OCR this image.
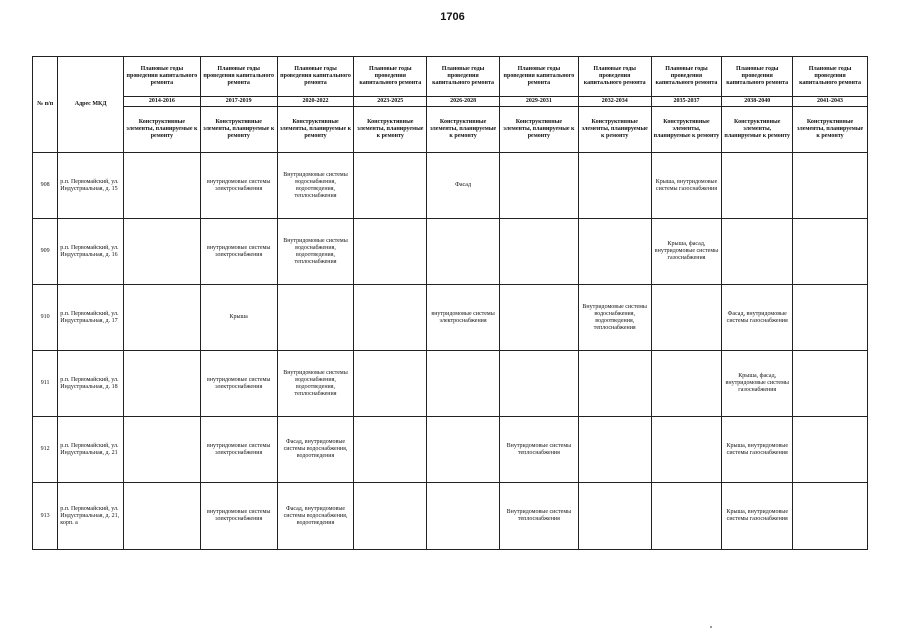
1706
№ п/п	Адрес МКД	Плановые годы проведения капитального ремонта	Плановые годы проведения капитального ремонта	Плановые годы проведения капитального ремонта	Плановые годы проведения капитального ремонта	Плановые годы проведения капитального ремонта	Плановые годы проведения капитального ремонта	Плановые годы проведения капитального ремонта	Плановые годы проведения капитального ремонта	Плановые годы проведения капитального ремонта	Плановые годы проведения капитального ремонта
		2014-2016	2017-2019	2020-2022	2023-2025	2026-2028	2029-2031	2032-2034	2035-2037	2038-2040	2041-2043
		Конструктивные элементы, планируемые к ремонту	Конструктивные элементы, планируемые к ремонту	Конструктивные элементы, планируемые к ремонту	Конструктивные элементы, планируемые к ремонту	Конструктивные элементы, планируемые к ремонту	Конструктивные элементы, планируемые к ремонту	Конструктивные элементы, планируемые к ремонту	Конструктивные элементы, планируемые к ремонту	Конструктивные элементы, планируемые к ремонту	Конструктивные элементы, планируемые к ремонту
908	р.п. Первомайский, ул. Индустриальная, д. 15		внутридомовые системы электроснабжения	Внутридомовые системы водоснабжения, водоотведения, теплоснабжения		Фасад			Крыша, внутридомовые системы газоснабжения		
909	р.п. Первомайский, ул. Индустриальная, д. 16		внутридомовые системы электроснабжения	Внутридомовые системы водоснабжения, водоотведения, теплоснабжения					Крыша, фасад, внутридомовые системы газоснабжения		
910	р.п. Первомайский, ул. Индустриальная, д. 17		Крыша			внутридомовые системы электроснабжения		Внутридомовые системы водоснабжения, водоотведения, теплоснабжения		Фасад, внутридомовые системы газоснабжения	
911	р.п. Первомайский, ул. Индустриальная, д. 18		внутридомовые системы электроснабжения	Внутридомовые системы водоснабжения, водоотведения, теплоснабжения						Крыша, фасад, внутридомовые системы газоснабжения	
912	р.п. Первомайский, ул. Индустриальная, д. 21		внутридомовые системы электроснабжения	Фасад, внутридомовые системы водоснабжения, водоотведения			Внутридомовые системы теплоснабжения			Крыша, внутридомовые системы газоснабжения	
913	р.п. Первомайский, ул. Индустриальная, д. 21, корп. а		внутридомовые системы электроснабжения	Фасад, внутридомовые системы водоснабжения, водоотведения			Внутридомовые системы теплоснабжения			Крыша, внутридомовые системы газоснабжения	
